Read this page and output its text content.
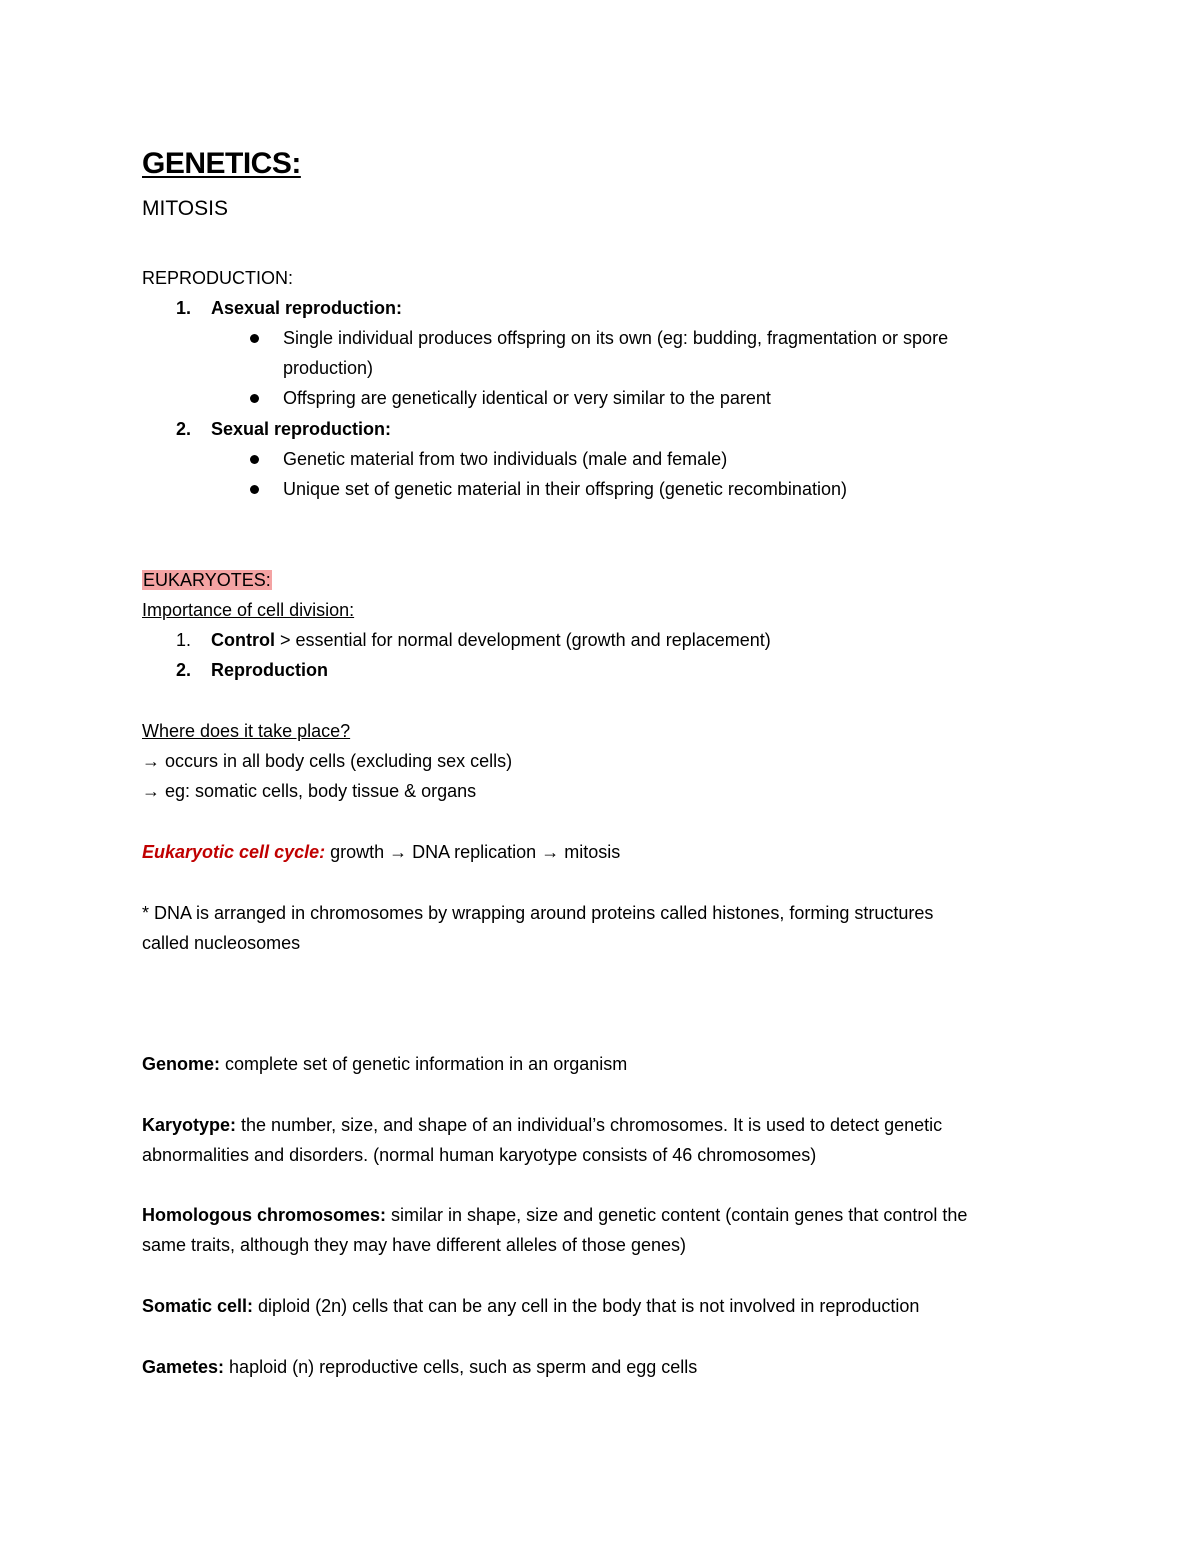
GENETICS:
MITOSIS
REPRODUCTION:
1. Asexual reproduction:
Single individual produces offspring on its own (eg: budding, fragmentation or spore
production)
Offspring are genetically identical or very similar to the parent
2. Sexual reproduction:
Genetic material from two individuals (male and female)
Unique set of genetic material in their offspring (genetic recombination)
EUKARYOTES:
Importance of cell division:
1. Control > essential for normal development (growth and replacement)
2. Reproduction
Where does it take place?
→ occurs in all body cells (excluding sex cells)
→ eg: somatic cells, body tissue & organs
Eukaryotic cell cycle: growth → DNA replication → mitosis
* DNA is arranged in chromosomes by wrapping around proteins called histones, forming structures
called nucleosomes
Genome: complete set of genetic information in an organism
Karyotype: the number, size, and shape of an individual’s chromosomes. It is used to detect genetic
abnormalities and disorders. (normal human karyotype consists of 46 chromosomes)
Homologous chromosomes: similar in shape, size and genetic content (contain genes that control the
same traits, although they may have different alleles of those genes)
Somatic cell: diploid (2n) cells that can be any cell in the body that is not involved in reproduction
Gametes: haploid (n) reproductive cells, such as sperm and egg cells
